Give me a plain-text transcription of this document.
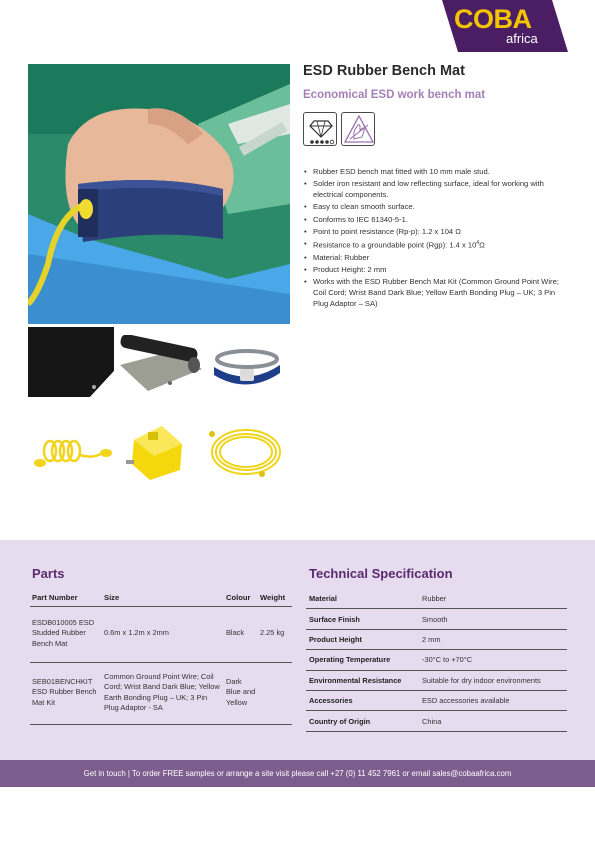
COBA
africa
ESD Rubber Bench Mat
Economical ESD work bench mat
• Rubber ESD bench mat fitted with 10 mm male stud.
• Solder iron resistant and low reflecting surface, ideal for working with electrical components.
• Easy to clean smooth surface.
• Conforms to IEC 61340-5-1.
• Point to point resistance (Rp-p): 1.2 x 104 Ω
• Resistance to a groundable point (Rgp): 1.4 x $10^4\Omega$
• Material: Rubber
• Product Height: 2 mm
• Works with the ESD Rubber Bench Mat Kit (Common Ground Point Wire; Coil Cord; Wrist Band Dark Blue; Yellow Earth Bonding Plug – UK; 3 Pin Plug Adaptor – SA)
Parts	Technical Specification
Part Number	Size	Colour	Weight
ESDB010005 ESD Studded Rubber Bench Mat	0.6m x 1.2m x 2mm	Black	2.25 kg
SEB01BENCHKIT ESD Rubber Bench Mat Kit	Common Ground Point Wire; Coil Cord; Wrist Band Dark Blue; Yellow Earth Bonding Plug – UK; 3 Pin Plug Adaptor - SA	Dark Blue and Yellow	
Material	Rubber
Surface Finish	Smooth
Product Height	2 mm
Operating Temperature	-30°C to +70°C
Environmental Resistance	Suitable for dry indoor environments
Accessories	ESD accessories available
Country of Origin	China
Get in touch | To order FREE samples or arrange a site visit please call +27 (0) 11 452 7961 or email sales@cobaafrica.com
